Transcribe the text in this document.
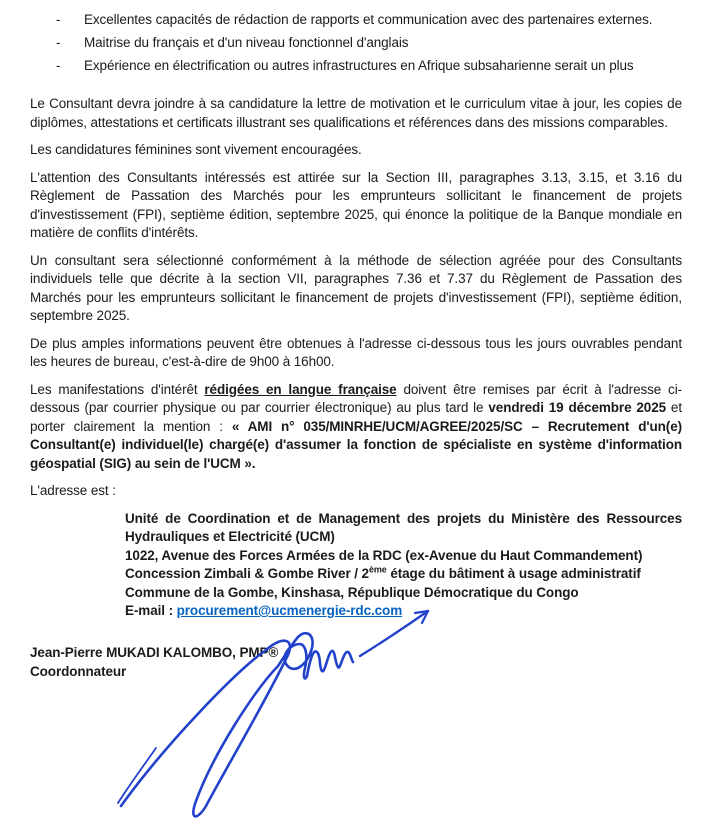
-	Excellentes capacités de rédaction de rapports et communication avec des partenaires externes.
-	Maitrise du français et d'un niveau fonctionnel d'anglais
-	Expérience en électrification ou autres infrastructures en Afrique subsaharienne serait un plus

Le Consultant devra joindre à sa candidature la lettre de motivation et le curriculum vitae à jour, les copies de diplômes, attestations et certificats illustrant ses qualifications et références dans des missions comparables.

Les candidatures féminines sont vivement encouragées.

L'attention des Consultants intéressés est attirée sur la Section III, paragraphes 3.13, 3.15, et 3.16 du Règlement de Passation des Marchés pour les emprunteurs sollicitant le financement de projets d'investissement (FPI), septième édition, septembre 2025, qui énonce la politique de la Banque mondiale en matière de conflits d'intérêts.

Un consultant sera sélectionné conformément à la méthode de sélection agréée pour des Consultants individuels telle que décrite à la section VII, paragraphes 7.36 et 7.37 du Règlement de Passation des Marchés pour les emprunteurs sollicitant le financement de projets d'investissement (FPI), septième édition, septembre 2025.

De plus amples informations peuvent être obtenues à l'adresse ci-dessous tous les jours ouvrables pendant les heures de bureau, c'est-à-dire de 9h00 à 16h00.

Les manifestations d'intérêt rédigées en langue française doivent être remises par écrit à l'adresse ci-dessous (par courrier physique ou par courrier électronique) au plus tard le vendredi 19 décembre 2025 et porter clairement la mention : « AMI n° 035/MINRHE/UCM/AGREE/2025/SC – Recrutement d'un(e) Consultant(e) individuel(le) chargé(e) d'assumer la fonction de spécialiste en système d'information géospatial (SIG) au sein de l'UCM ».

L'adresse est :

Unité de Coordination et de Management des projets du Ministère des Ressources Hydrauliques et Electricité (UCM)
1022, Avenue des Forces Armées de la RDC (ex-Avenue du Haut Commandement)
Concession Zimbali & Gombe River / 2ème étage du bâtiment à usage administratif
Commune de la Gombe, Kinshasa, République Démocratique du Congo
E-mail : procurement@ucmenergie-rdc.com
Jean-Pierre MUKADI KALOMBO, PMP®
Coordonnateur
